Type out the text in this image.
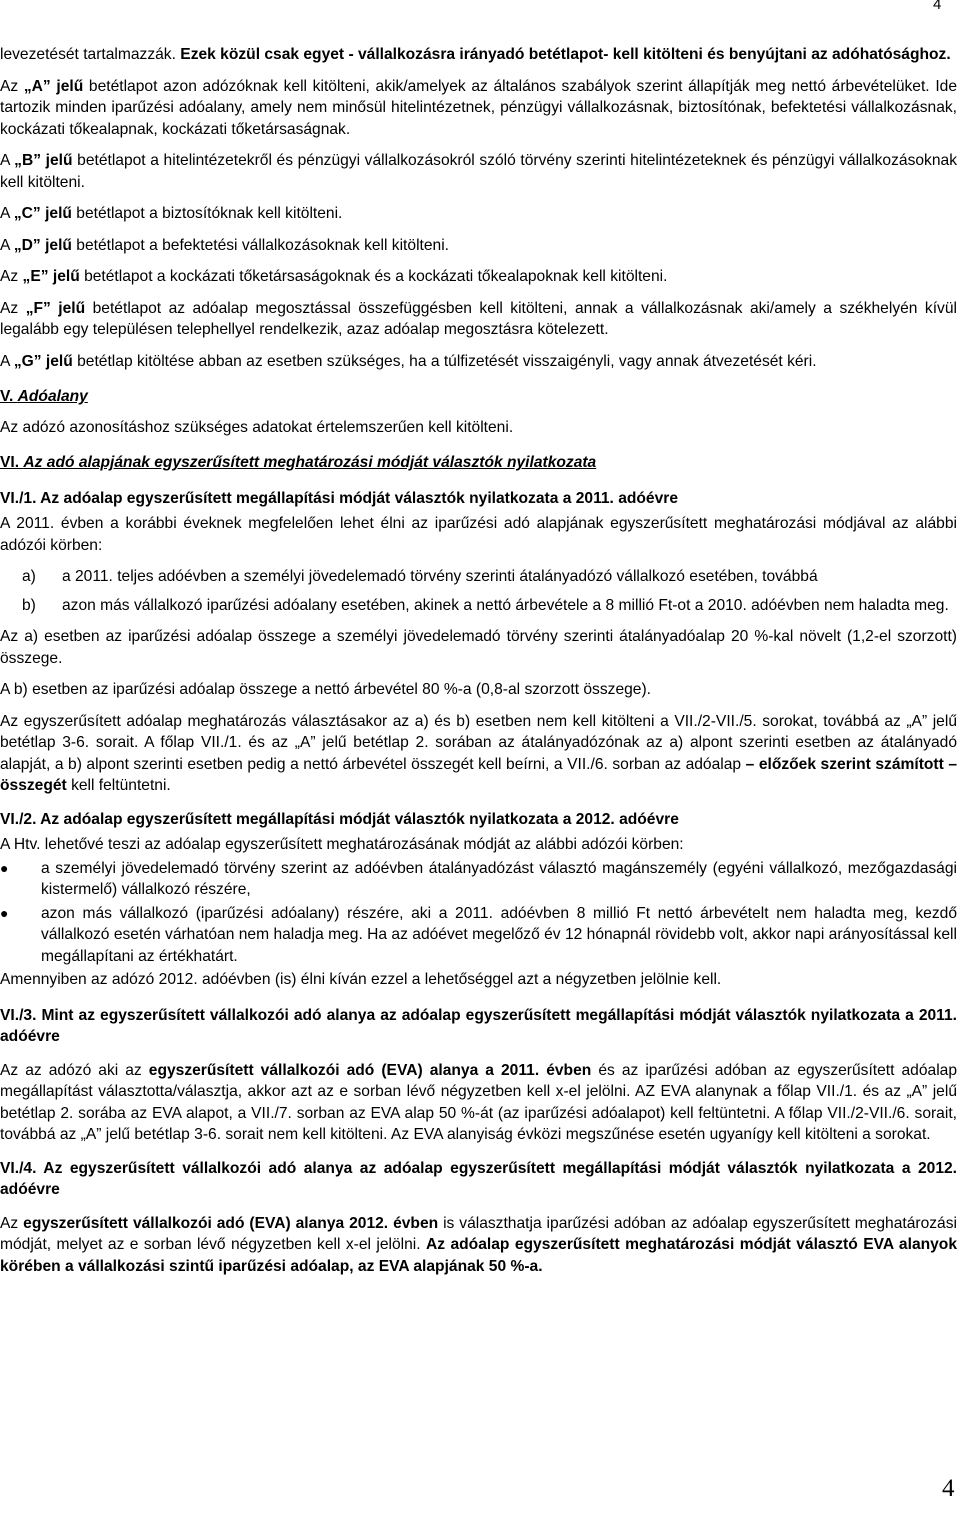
4

levezetését tartalmazzák. Ezek közül csak egyet - vállalkozásra irányadó betétlapot- kell kitölteni és benyújtani az adóhatósághoz.

Az „A” jelű betétlapot azon adózóknak kell kitölteni, akik/amelyek az általános szabályok szerint állapítják meg nettó árbevételüket. Ide tartozik minden iparűzési adóalany, amely nem minősül hitelintézetnek, pénzügyi vállalkozásnak, biztosítónak, befektetési vállalkozásnak, kockázati tőkealapnak, kockázati tőketársaságnak.

A „B” jelű betétlapot a hitelintézetekről és pénzügyi vállalkozásokról szóló törvény szerinti hitelintézeteknek és pénzügyi vállalkozásoknak kell kitölteni.

A „C” jelű betétlapot a biztosítóknak kell kitölteni.

A „D” jelű betétlapot a befektetési vállalkozásoknak kell kitölteni.

Az „E” jelű betétlapot a kockázati tőketársaságoknak és a kockázati tőkealapoknak kell kitölteni.

Az „F” jelű betétlapot az adóalap megosztással összefüggésben kell kitölteni, annak a vállalkozásnak aki/amely a székhelyén kívül legalább egy településen telephellyel rendelkezik, azaz adóalap megosztásra kötelezett.

A „G” jelű betétlap kitöltése abban az esetben szükséges, ha a túlfizetését visszaigényli, vagy annak átvezetését kéri.

V. Adóalany

Az adózó azonosításhoz szükséges adatokat értelemszerűen kell kitölteni.

VI. Az adó alapjának egyszerűsített meghatározási módját választók nyilatkozata

VI./1. Az adóalap egyszerűsített megállapítási módját választók nyilatkozata a 2011. adóévre

A 2011. évben a korábbi éveknek megfelelően lehet élni az iparűzési adó alapjának egyszerűsített meghatározási módjával az alábbi adózói körben:

a)	a 2011. teljes adóévben a személyi jövedelemadó törvény szerinti átalányadózó vállalkozó esetében, továbbá
b)	azon más vállalkozó iparűzési adóalany esetében, akinek a nettó árbevétele a 8 millió Ft-ot a 2010. adóévben nem haladta meg.

Az a) esetben az iparűzési adóalap összege a személyi jövedelemadó törvény szerinti átalányadóalap 20 %-kal növelt (1,2-el szorzott) összege.

A b) esetben az iparűzési adóalap összege a nettó árbevétel 80 %-a (0,8-al szorzott összege).

Az egyszerűsített adóalap meghatározás választásakor az a) és b) esetben nem kell kitölteni a VII./2-VII./5. sorokat, továbbá az „A” jelű betétlap 3-6. sorait. A főlap VII./1. és az „A” jelű betétlap 2. sorában az átalányadózónak az a) alpont szerinti esetben az átalányadó alapját, a b) alpont szerinti esetben pedig a nettó árbevétel összegét kell beírni, a VII./6. sorban az adóalap – előzőek szerint számított – összegét kell feltüntetni.

VI./2. Az adóalap egyszerűsített megállapítási módját választók nyilatkozata a 2012. adóévre

A Htv. lehetővé teszi az adóalap egyszerűsített meghatározásának módját az alábbi adózói körben:

●	a személyi jövedelemadó törvény szerint az adóévben átalányadózást választó magánszemély (egyéni vállalkozó, mezőgazdasági kistermelő) vállalkozó részére,
●	azon más vállalkozó (iparűzési adóalany) részére, aki a 2011. adóévben 8 millió Ft nettó árbevételt nem haladta meg, kezdő vállalkozó esetén várhatóan nem haladja meg. Ha az adóévet megelőző év 12 hónapnál rövidebb volt, akkor napi arányosítással kell megállapítani az értékhatárt.

Amennyiben az adózó 2012. adóévben (is) élni kíván ezzel a lehetőséggel azt a négyzetben jelölnie kell.

VI./3. Mint az egyszerűsített vállalkozói adó alanya az adóalap egyszerűsített megállapítási módját választók nyilatkozata a 2011. adóévre

Az az adózó aki az egyszerűsített vállalkozói adó (EVA) alanya a 2011. évben és az iparűzési adóban az egyszerűsített adóalap megállapítást választotta/választja, akkor azt az e sorban lévő négyzetben kell x-el jelölni. AZ EVA alanynak a főlap VII./1. és az „A” jelű betétlap 2. sorába az EVA alapot, a VII./7. sorban az EVA alap 50 %-át (az iparűzési adóalapot) kell feltüntetni. A főlap VII./2-VII./6. sorait, továbbá az „A” jelű betétlap 3-6. sorait nem kell kitölteni. Az EVA alanyiság évközi megszűnése esetén ugyanígy kell kitölteni a sorokat.

VI./4. Az egyszerűsített vállalkozói adó alanya az adóalap egyszerűsített megállapítási módját választók nyilatkozata a 2012. adóévre

Az egyszerűsített vállalkozói adó (EVA) alanya 2012. évben is választhatja iparűzési adóban az adóalap egyszerűsített meghatározási módját, melyet az e sorban lévő négyzetben kell x-el jelölni. Az adóalap egyszerűsített meghatározási módját választó EVA alanyok körében a vállalkozási szintű iparűzési adóalap, az EVA alapjának 50 %-a.

4
